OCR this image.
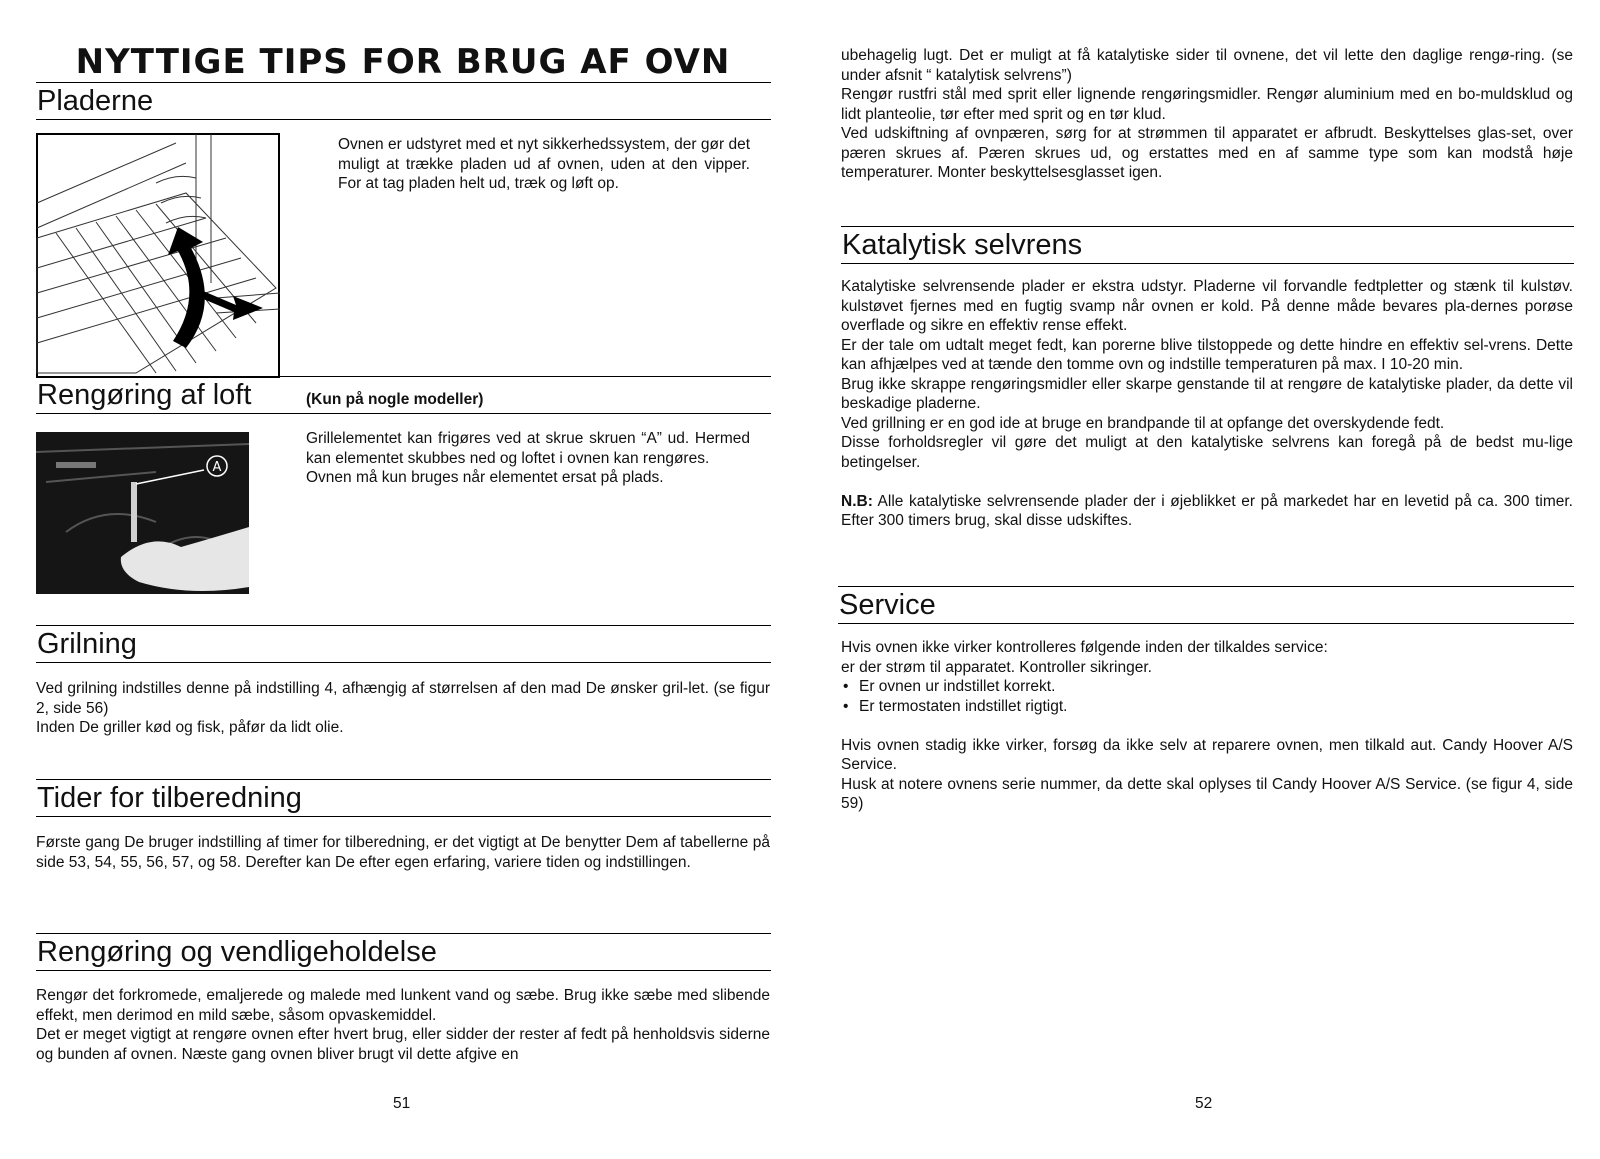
NYTTIGE TIPS FOR BRUG AF OVN
Pladerne
Ovnen er udstyret med et nyt sikkerhedssystem, der gør det muligt at trække pladen ud af ovnen, uden at den vipper. For at tag pladen helt ud, træk og løft op.
Rengøring af loft	(Kun på nogle modeller)
A

Grillelementet kan frigøres ved at skrue skruen “A” ud. Hermed kan elementet skubbes ned og loftet i ovnen kan rengøres.

Ovnen må kun bruges når elementet ersat på plads.

Grilning

Ved grilning indstilles denne på indstilling 4, afhængig af størrelsen af den mad De ønsker gril-let. (se figur 2, side 56)

Inden De griller kød og fisk, påfør da lidt olie.

Tider for tilberedning
Første gang De bruger indstilling af timer for tilberedning, er det vigtigt at De benytter Dem af tabellerne på side 53, 54, 55, 56, 57, og 58. Derefter kan De efter egen erfaring, variere tiden og indstillingen.
Rengøring og vendligeholdelse

Rengør det forkromede, emaljerede og malede med lunkent vand og sæbe. Brug ikke sæbe med slibende effekt, men derimod en mild sæbe, såsom opvaskemiddel.

Det er meget vigtigt at rengøre ovnen efter hvert brug, eller sidder der rester af fedt på henholdsvis siderne og bunden af ovnen. Næste gang ovnen bliver brugt vil dette afgive en

51

ubehagelig lugt. Det er muligt at få katalytiske sider til ovnene, det vil lette den daglige rengø-ring. (se under afsnit “ katalytisk selvrens”)

Rengør rustfri stål med sprit eller lignende rengøringsmidler. Rengør aluminium med en bo-muldsklud og lidt planteolie, tør efter med sprit og en tør klud.

Ved udskiftning af ovnpæren, sørg for at strømmen til apparatet er afbrudt. Beskyttelses glas-set, over pæren skrues af. Pæren skrues ud, og erstattes med en af samme type som kan modstå høje temperaturer. Monter beskyttelsesglasset igen.

Katalytisk selvrens

Katalytiske selvrensende plader er ekstra udstyr. Pladerne vil forvandle fedtpletter og stænk til kulstøv. kulstøvet fjernes med en fugtig svamp når ovnen er kold. På denne måde bevares pla-dernes porøse overflade og sikre en effektiv rense effekt.

Er der tale om udtalt meget fedt, kan porerne blive tilstoppede og dette hindre en effektiv sel-vrens. Dette kan afhjælpes ved at tænde den tomme ovn og indstille temperaturen på max. I 10-20 min.

Brug ikke skrappe rengøringsmidler eller skarpe genstande til at rengøre de katalytiske plader, da dette vil beskadige pladerne.

Ved grillning er en god ide at bruge en brandpande til at opfange det overskydende fedt.

Disse forholdsregler vil gøre det muligt at den katalytiske selvrens kan foregå på de bedst mu-lige betingelser.

N.B: Alle katalytiske selvrensende plader der i øjeblikket er på markedet har en levetid på ca. 300 timer. Efter 300 timers brug, skal disse udskiftes.

Service

Hvis ovnen ikke virker kontrolleres følgende inden der tilkaldes service:

er der strøm til apparatet. Kontroller sikringer.

• Er ovnen ur indstillet korrekt.
• Er termostaten indstillet rigtigt.

Hvis ovnen stadig ikke virker, forsøg da ikke selv at reparere ovnen, men tilkald aut. Candy Hoover A/S Service.

Husk at notere ovnens serie nummer, da dette skal oplyses til Candy Hoover A/S Service. (se figur 4, side 59)

52
